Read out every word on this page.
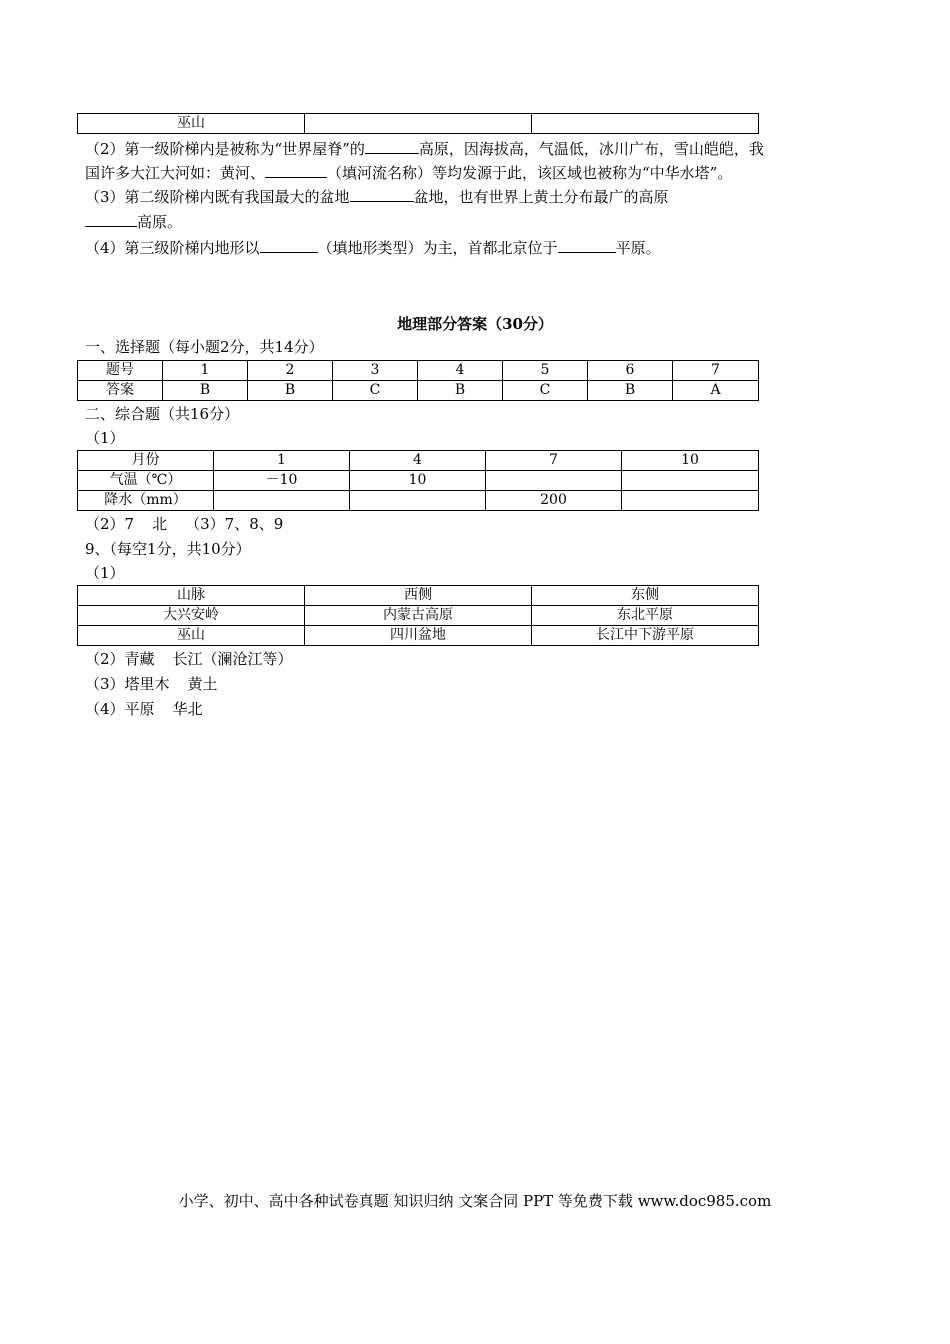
巫山		
（2）第一级阶梯内是被称为“世界屋脊”的	高原，因海拔高，气温低，冰川广布，雪山皑皑，我
国许多大江大河如：黄河、	（填河流名称）等均发源于此，该区域也被称为“中华水塔”。
（3）第二级阶梯内既有我国最大的盆地	盆地，也有世界上黄土分布最广的高原
高原。
（4）第三级阶梯内地形以	（填地形类型）为主，首都北京位于	平原。
地理部分答案（30分）
一、选择题（每小题2分，共14分）
题号	1	2	3	4	5	6	7
答案	B	B	C	B	C	B	A
二、综合题（共16分）
（1）
月份	1	4	7	10
气温（℃）	－10	10		
降水（mm）			200	
（2）7 北 （3）7、8、9
9、（每空1分，共10分）
（1）
山脉	西侧	东侧
大兴安岭	内蒙古高原	东北平原
巫山	四川盆地	长江中下游平原
（2）青藏 长江（澜沧江等）
（3）塔里木 黄土
（4）平原 华北
小学、初中、高中各种试卷真题 知识归纳 文案合同 PPT 等免费下载 www.doc985.com
